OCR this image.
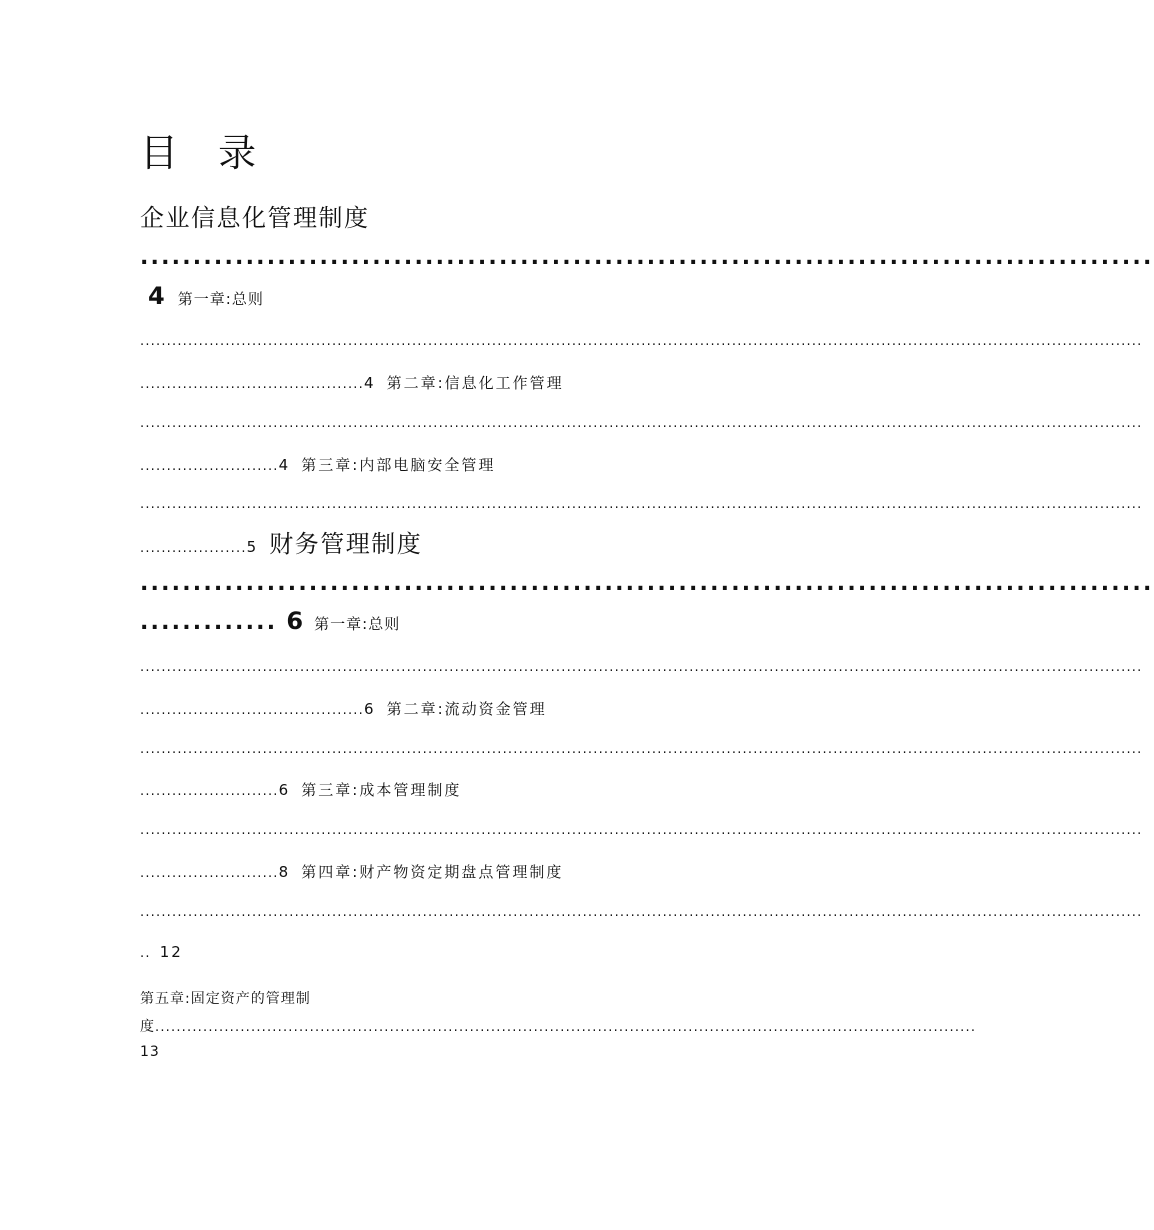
目 录
企业信息化管理制度
................................................................................................
4 第一章:总则
............................................................................................................................................................................................
..........................................4 第二章:信息化工作管理
............................................................................................................................................................................................
..........................4 第三章:内部电脑安全管理
............................................................................................................................................................................................
....................5 财务管理制度
................................................................................................
............. 6 第一章:总则
............................................................................................................................................................................................
..........................................6 第二章:流动资金管理
............................................................................................................................................................................................
..........................6 第三章:成本管理制度
............................................................................................................................................................................................
..........................8 第四章:财产物资定期盘点管理制度
............................................................................................................................................................................................
.. 12
第五章:固定资产的管理制
度..........................................................................................................................................................
13
